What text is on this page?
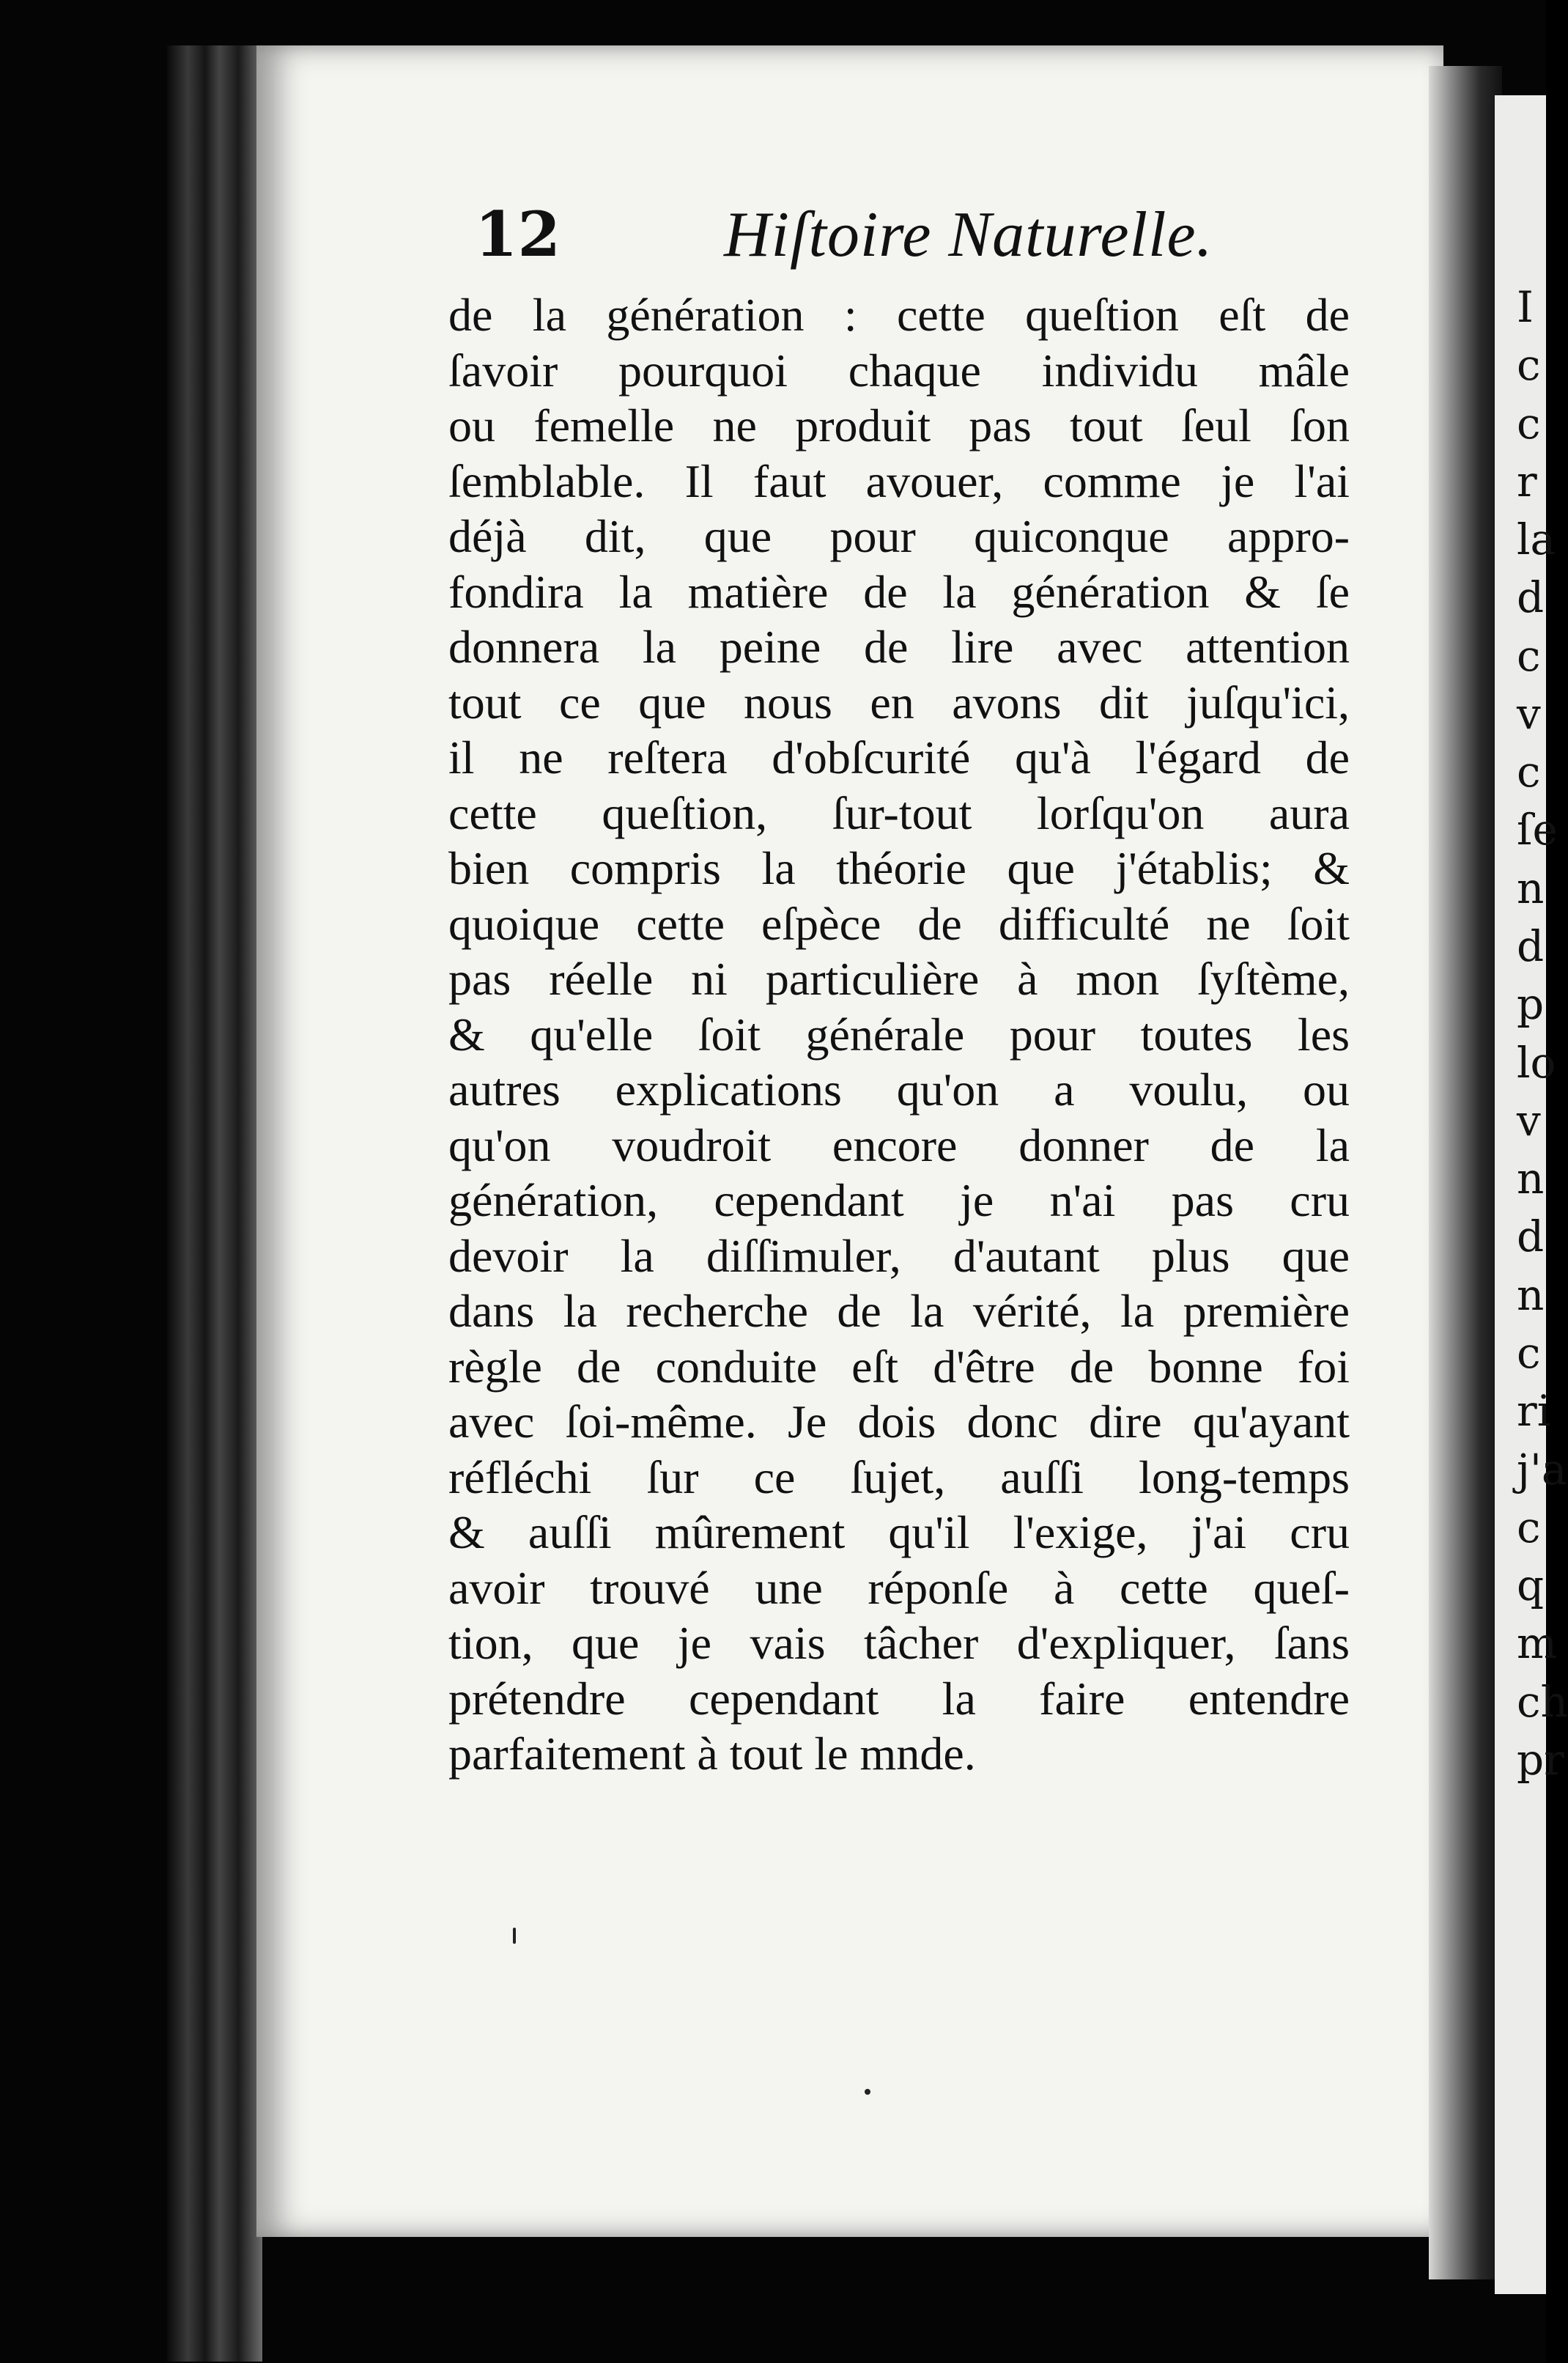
I
c
c
r
la
d
c
v
c
ſe
n
d
p
lo
v
n
d
n
c
ri
j'a
c
q
m
ch
pr
12	Hiſtoire Naturelle.
de la génération : cette queſtion eſt de
ſavoir pourquoi chaque individu mâle
ou femelle ne produit pas tout ſeul ſon
ſemblable. Il faut avouer, comme je l'ai
déjà dit, que pour quiconque appro-
fondira la matière de la génération & ſe
donnera la peine de lire avec attention
tout ce que nous en avons dit juſqu'ici,
il ne reſtera d'obſcurité qu'à l'égard de
cette queſtion, ſur-tout lorſqu'on aura
bien compris la théorie que j'établis; &
quoique cette eſpèce de difficulté ne ſoit
pas réelle ni particulière à mon ſyſtème,
& qu'elle ſoit générale pour toutes les
autres explications qu'on a voulu, ou
qu'on voudroit encore donner de la
génération, cependant je n'ai pas cru
devoir la diſſimuler, d'autant plus que
dans la recherche de la vérité, la première
règle de conduite eſt d'être de bonne foi
avec ſoi-même. Je dois donc dire qu'ayant
réfléchi ſur ce ſujet, auſſi long-temps
& auſſi mûrement qu'il l'exige, j'ai cru
avoir trouvé une réponſe à cette queſ-
tion, que je vais tâcher d'expliquer, ſans
prétendre cependant la faire entendre
parfaitement à tout le mnde.
